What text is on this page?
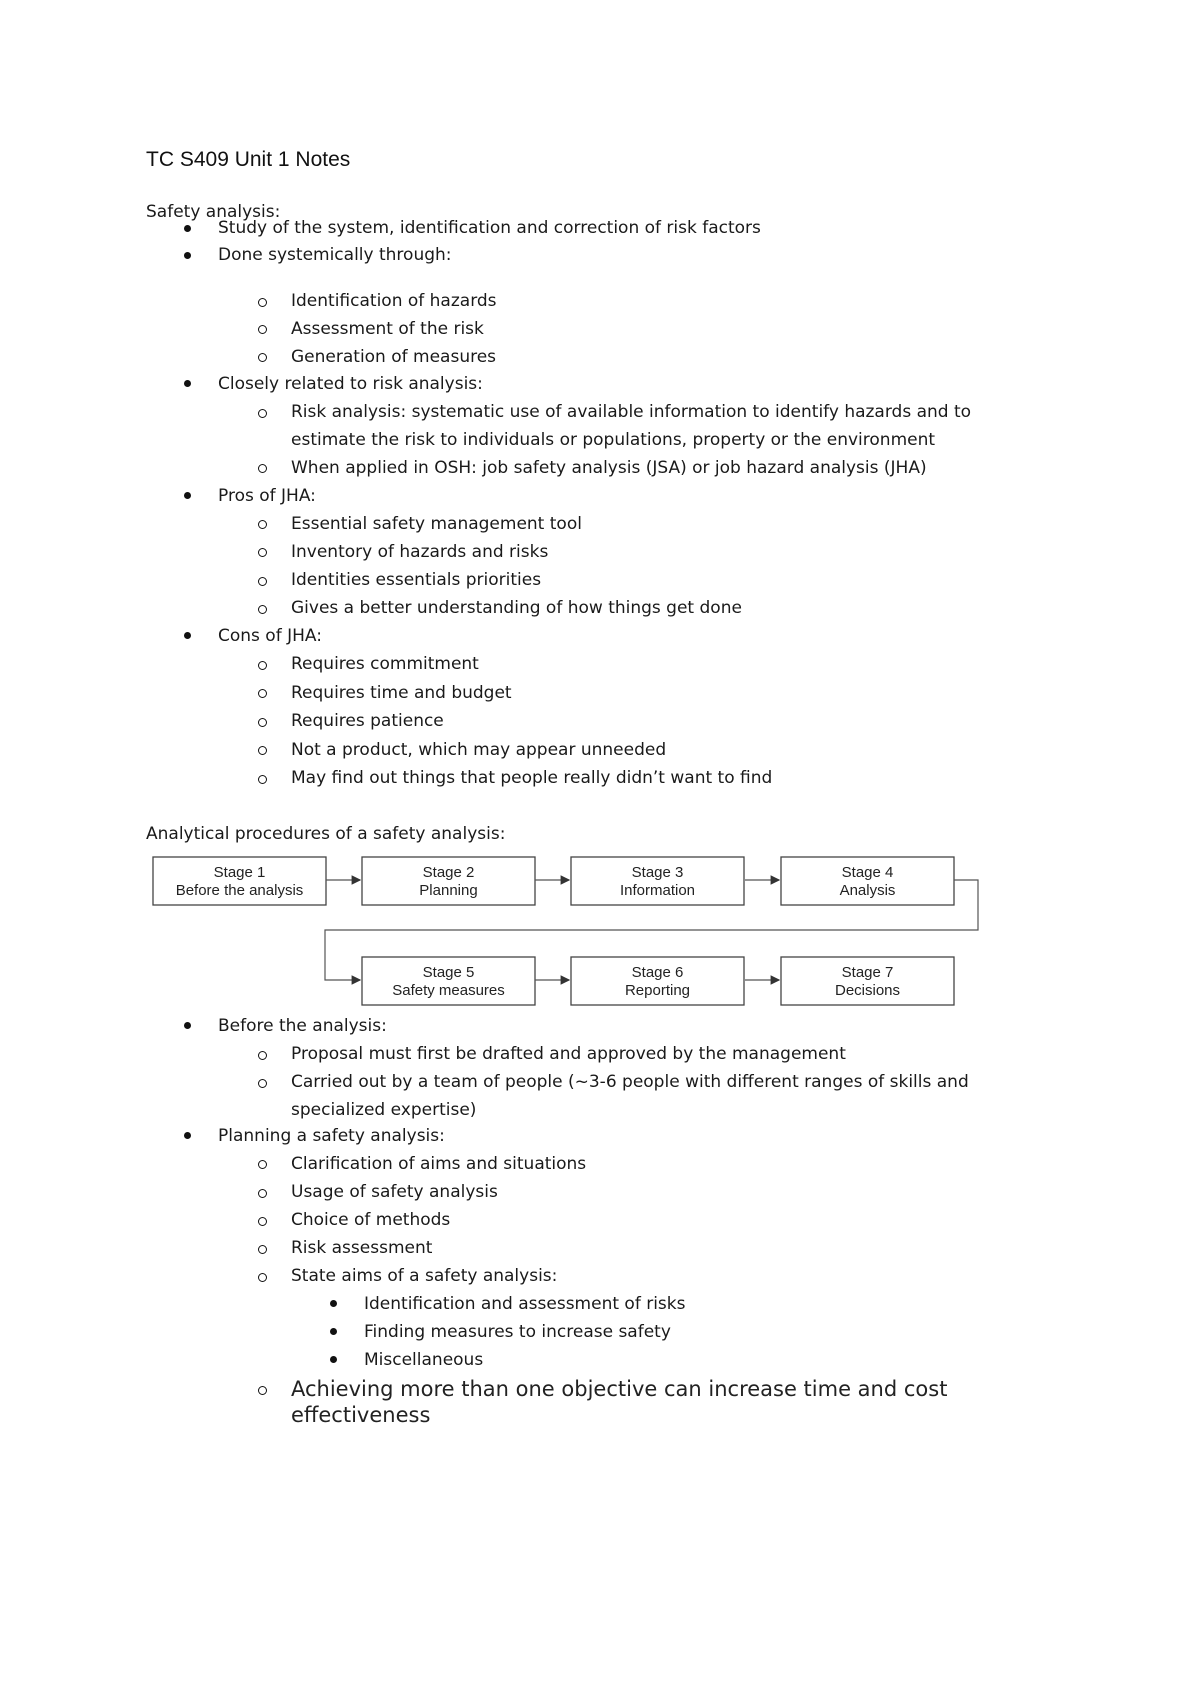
TC S409 Unit 1 Notes
Safety analysis:
Study of the system, identification and correction of risk factors
Done systemically through:
Identification of hazards
Assessment of the risk
Generation of measures
Closely related to risk analysis:
Risk analysis: systematic use of available information to identify hazards and to
estimate the risk to individuals or populations, property or the environment
When applied in OSH: job safety analysis (JSA) or job hazard analysis (JHA)
Pros of JHA:
Essential safety management tool
Inventory of hazards and risks
Identities essentials priorities
Gives a better understanding of how things get done
Cons of JHA:
Requires commitment
Requires time and budget
Requires patience
Not a product, which may appear unneeded
May find out things that people really didn’t want to find
Analytical procedures of a safety analysis:
Stage 1
Before the analysis
Stage 2
Planning
Stage 3
Information
Stage 4
Analysis
Stage 5
Safety measures
Stage 6
Reporting
Stage 7
Decisions
Before the analysis:
Proposal must first be drafted and approved by the management
Carried out by a team of people (~3-6 people with different ranges of skills and
specialized expertise)
Planning a safety analysis:
Clarification of aims and situations
Usage of safety analysis
Choice of methods
Risk assessment
State aims of a safety analysis:
Identification and assessment of risks
Finding measures to increase safety
Miscellaneous
Achieving more than one objective can increase time and cost
effectiveness
